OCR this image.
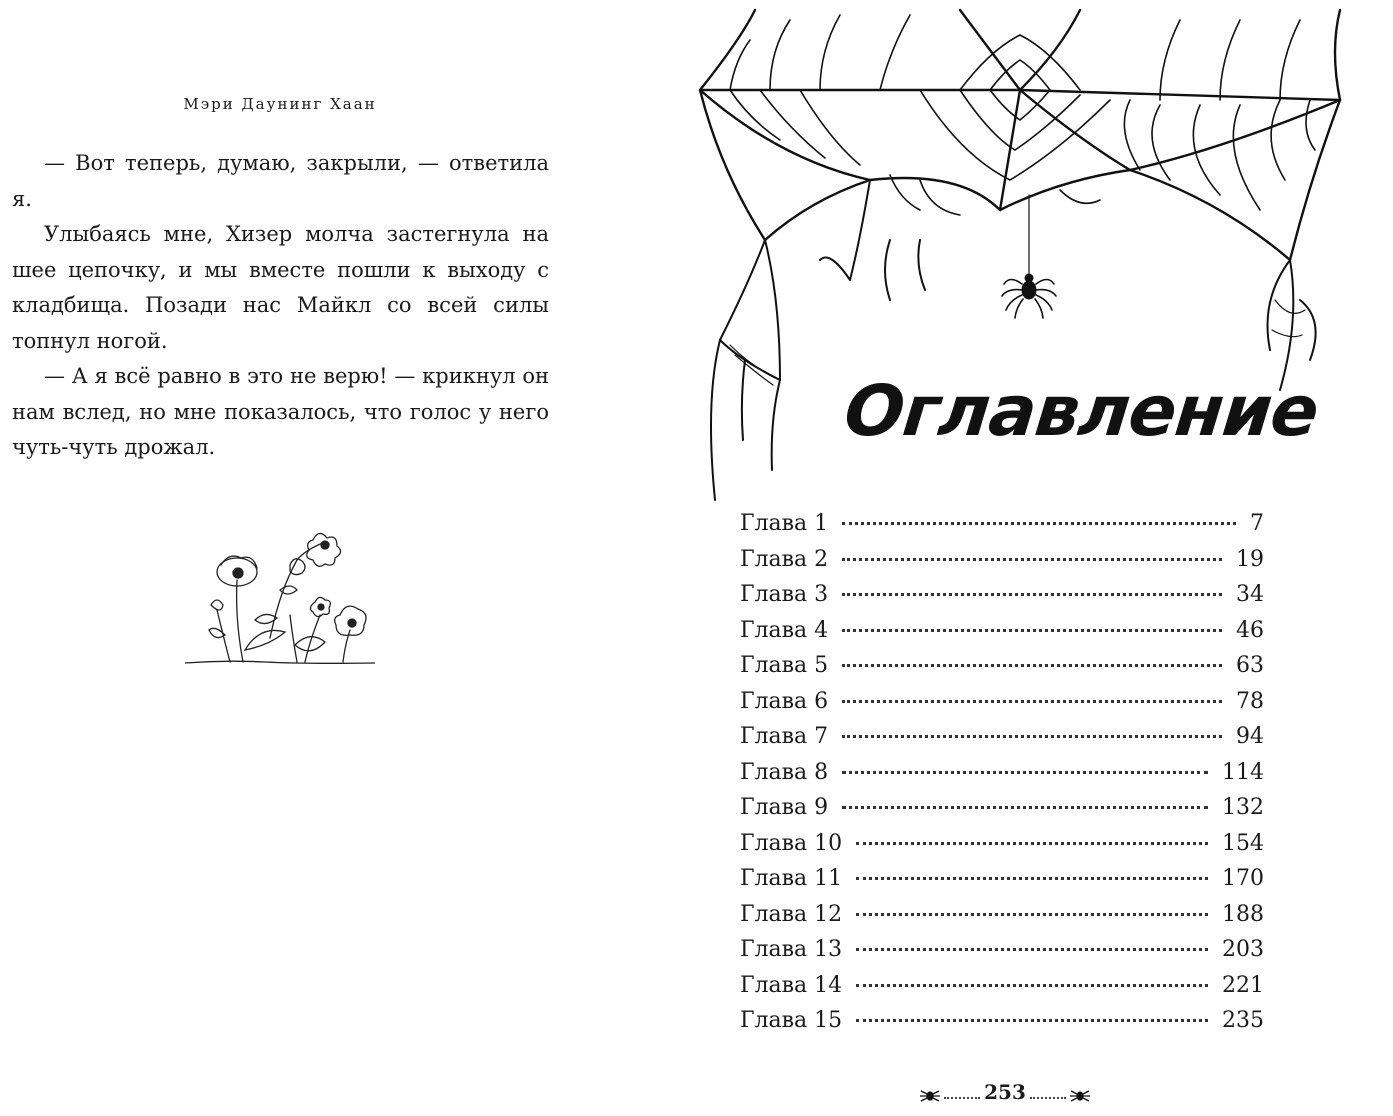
Мэри Даунинг Хаан

— Вот теперь, думаю, закрыли, — ответила я.

Улыбаясь мне, Хизер молча застегнула на шее цепочку, и мы вместе пошли к выходу с кладбища. Позади нас Майкл со всей силы топнул ногой.

— А я всё равно в это не верю! — крикнул он нам вслед, но мне показалось, что голос у него чуть-чуть дрожал.	Оглавление
Глава 1	7
Глава 2	19
Глава 3	34
Глава 4	46
Глава 5	63
Глава 6	78
Глава 7	94
Глава 8	114
Глава 9	132
Глава 10	154
Глава 11	170
Глава 12	188
Глава 13	203
Глава 14	221
Глава 15	235
253
